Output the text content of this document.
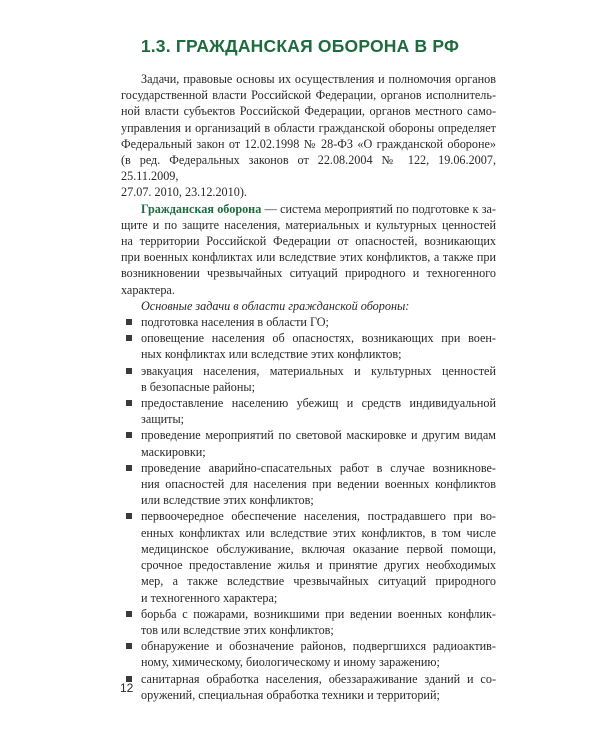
1.3. ГРАЖДАНСКАЯ ОБОРОНА В РФ
Задачи, правовые основы их осуществления и полномочия органов
государственной власти Российской Федерации, органов исполнитель-
ной власти субъектов Российской Федерации, органов местного само-
управления и организаций в области гражданской обороны определяет
Федеральный закон от 12.02.1998 № 28-ФЗ «О гражданской обороне»
(в ред. Федеральных законов от 22.08.2004 № 122, 19.06.2007, 25.11.2009,
27.07. 2010, 23.12.2010).
Гражданская оборона — система мероприятий по подготовке к за-
щите и по защите населения, материальных и культурных ценностей
на территории Российской Федерации от опасностей, возникающих
при военных конфликтах или вследствие этих конфликтов, а также при
возникновении чрезвычайных ситуаций природного и техногенного
характера.
Основные задачи в области гражданской обороны:
подготовка населения в области ГО;
оповещение населения об опасностях, возникающих при воен-
ных конфликтах или вследствие этих конфликтов;
эвакуация населения, материальных и культурных ценностей
в безопасные районы;
предоставление населению убежищ и средств индивидуальной
защиты;
проведение мероприятий по световой маскировке и другим видам
маскировки;
проведение аварийно-спасательных работ в случае возникнове-
ния опасностей для населения при ведении военных конфликтов
или вследствие этих конфликтов;
первоочередное обеспечение населения, пострадавшего при во-
енных конфликтах или вследствие этих конфликтов, в том числе
медицинское обслуживание, включая оказание первой помощи,
срочное предоставление жилья и принятие других необходимых
мер, а также вследствие чрезвычайных ситуаций природного
и техногенного характера;
борьба с пожарами, возникшими при ведении военных конфлик-
тов или вследствие этих конфликтов;
обнаружение и обозначение районов, подвергшихся радиоактив-
ному, химическому, биологическому и иному заражению;
санитарная обработка населения, обеззараживание зданий и со-
оружений, специальная обработка техники и территорий;
12
